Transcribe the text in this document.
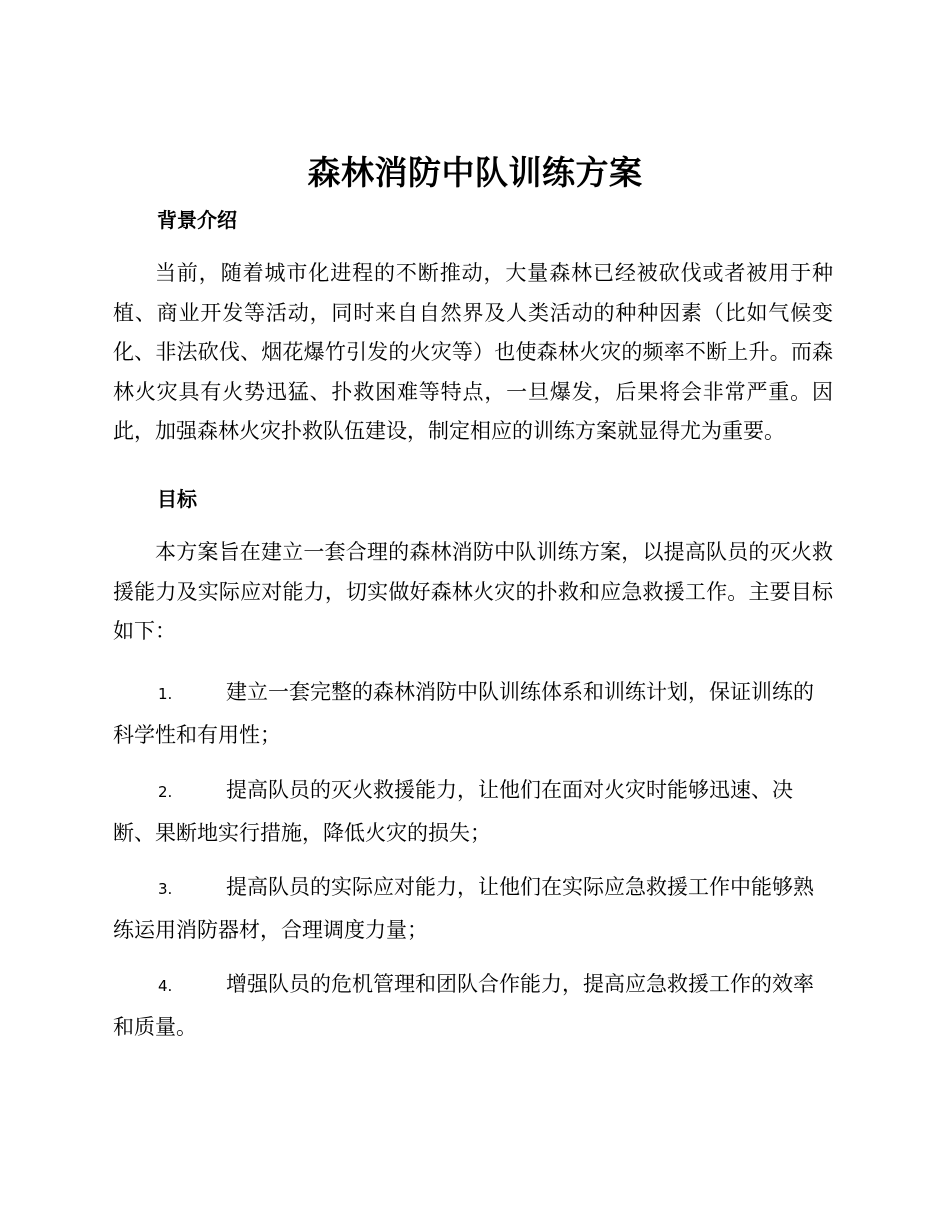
森林消防中队训练方案
背景介绍

当前，随着城市化进程的不断推动，大量森林已经被砍伐或者被用于种植、商业开发等活动，同时来自自然界及人类活动的种种因素（比如气候变化、非法砍伐、烟花爆竹引发的火灾等）也使森林火灾的频率不断上升。而森林火灾具有火势迅猛、扑救困难等特点，一旦爆发，后果将会非常严重。因此，加强森林火灾扑救队伍建设，制定相应的训练方案就显得尤为重要。

目标

本方案旨在建立一套合理的森林消防中队训练方案，以提高队员的灭火救援能力及实际应对能力，切实做好森林火灾的扑救和应急救援工作。主要目标如下：

1.	建立一套完整的森林消防中队训练体系和训练计划，保证训练的科学性和有用性；

2.	提高队员的灭火救援能力，让他们在面对火灾时能够迅速、决断、果断地实行措施，降低火灾的损失；

3.	提高队员的实际应对能力，让他们在实际应急救援工作中能够熟练运用消防器材，合理调度力量；

4.	增强队员的危机管理和团队合作能力，提高应急救援工作的效率和质量。
